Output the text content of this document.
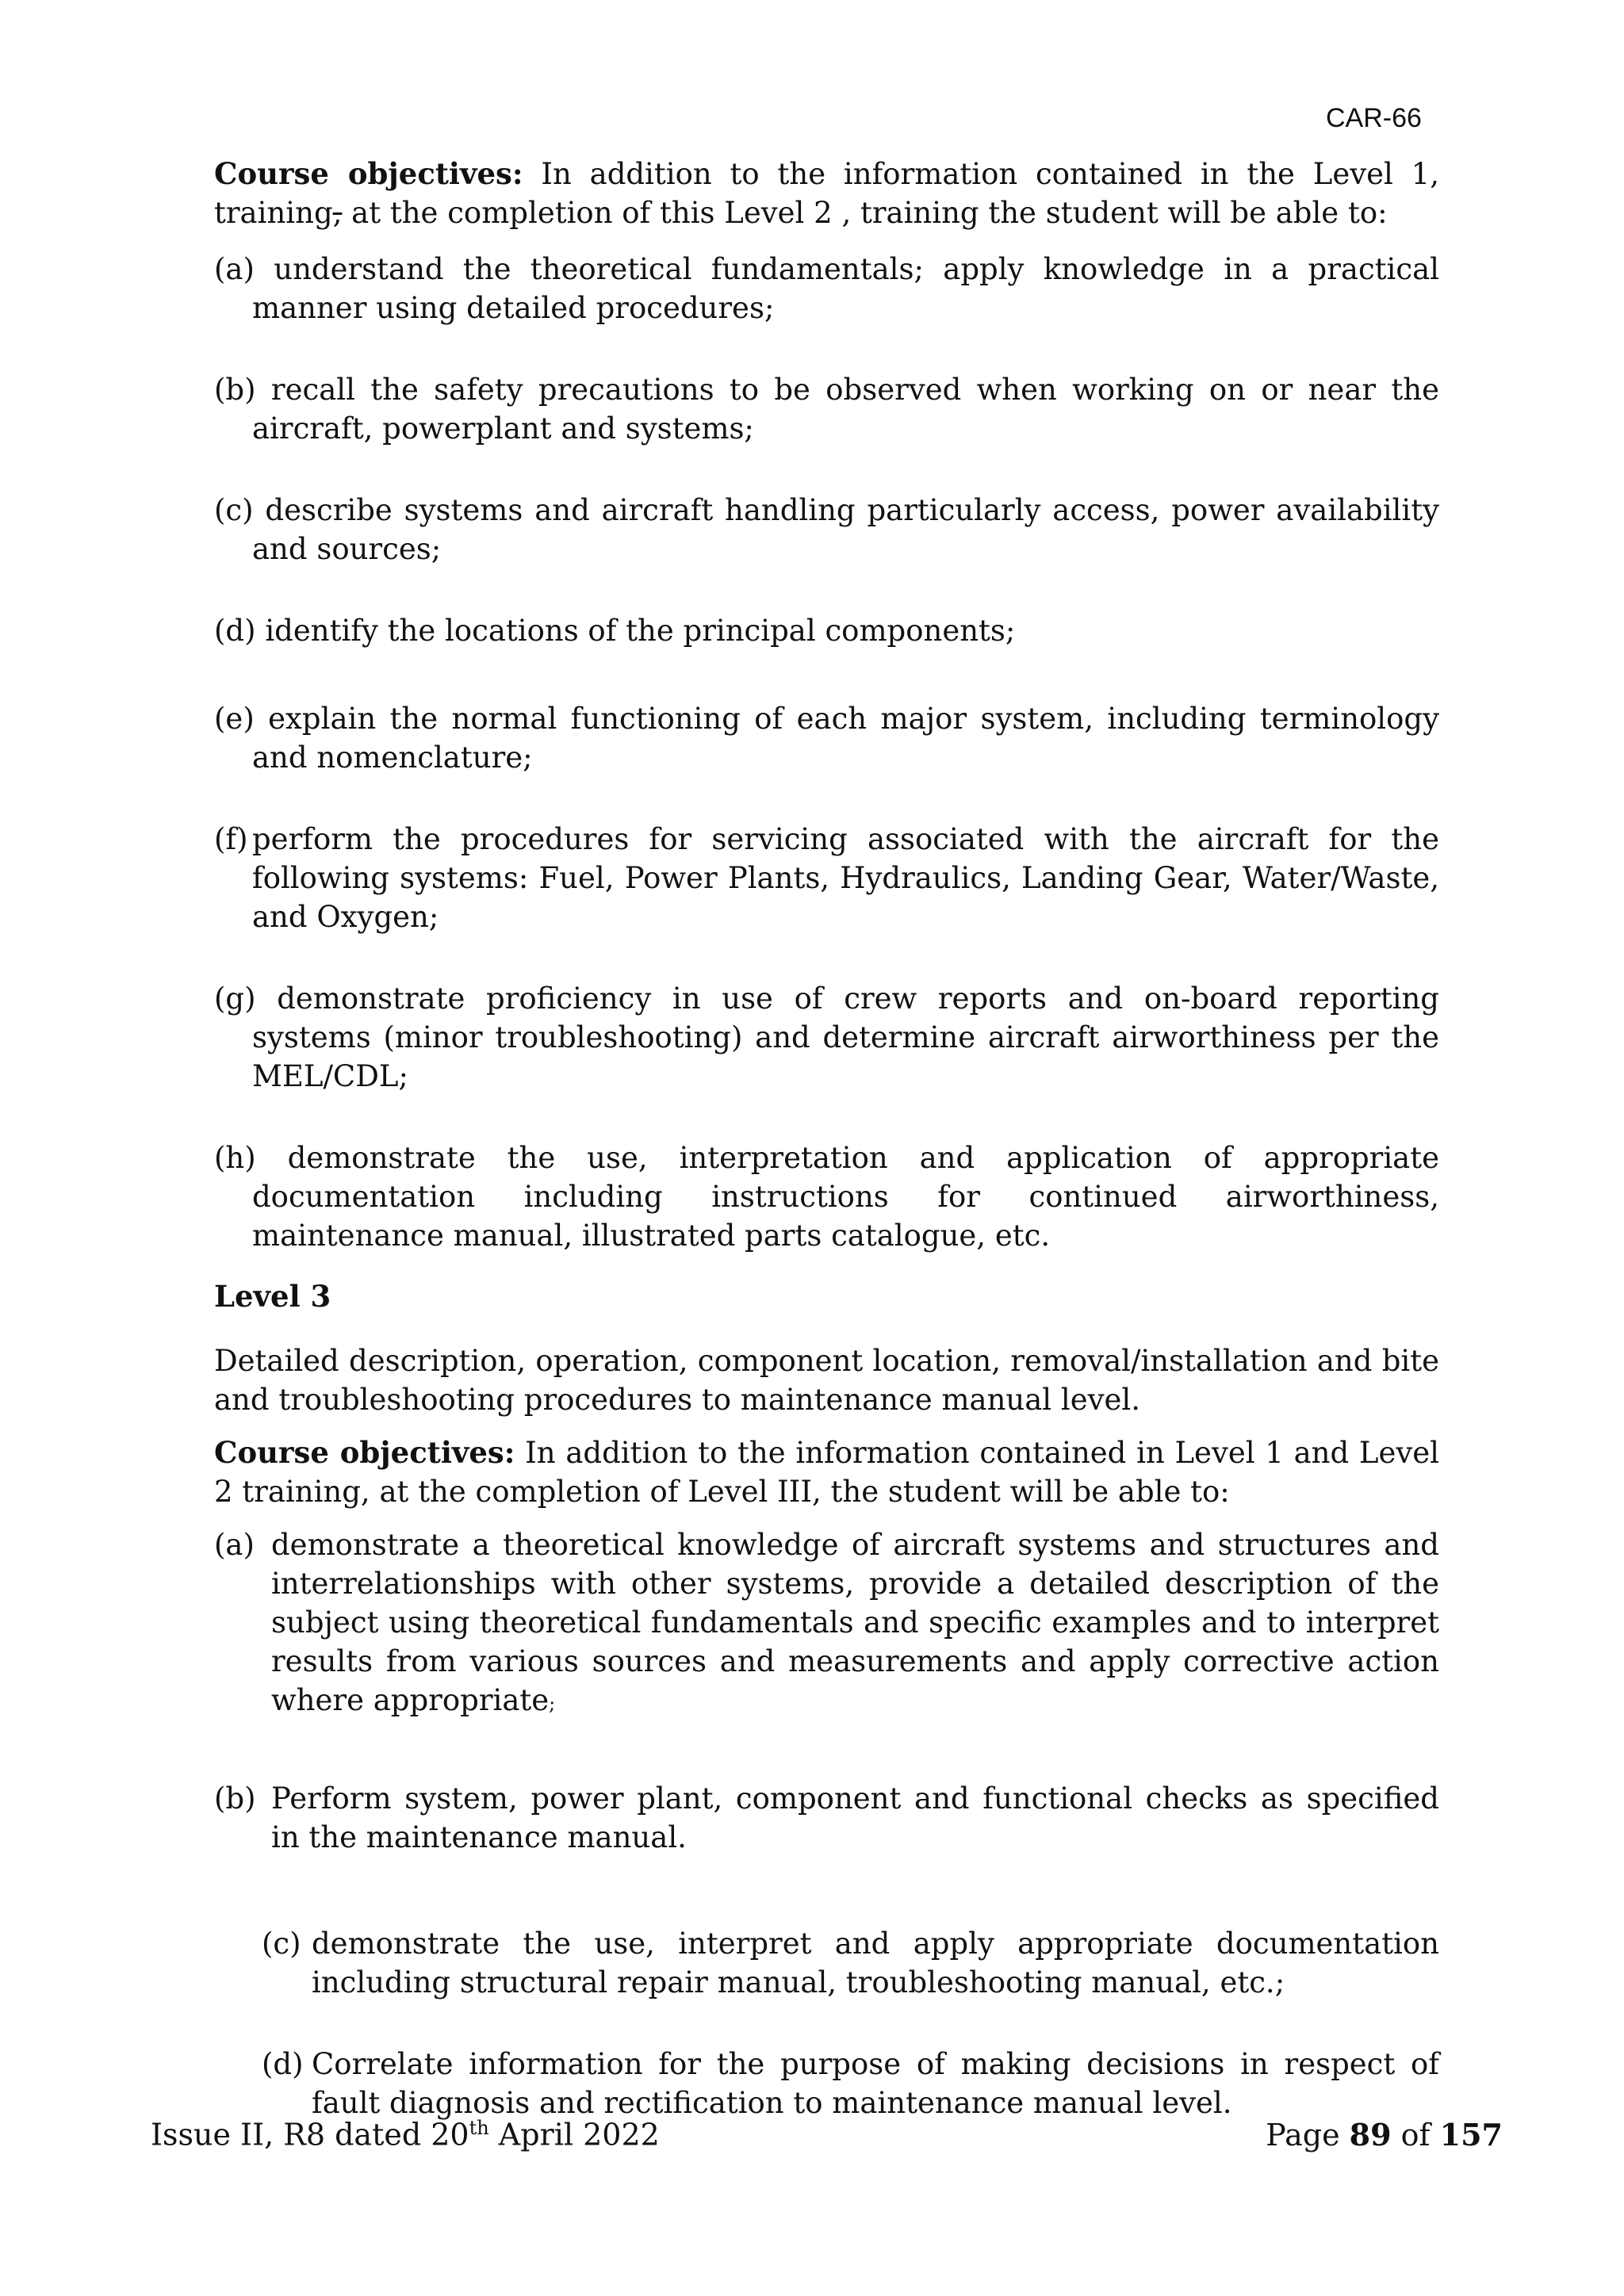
CAR-66

Course objectives: In addition to the information contained in the Level 1, training, at the completion of this Level 2 , training the student will be able to:

(a) understand the theoretical fundamentals; apply knowledge in a practical manner using detailed procedures;
(b) recall the safety precautions to be observed when working on or near the aircraft, powerplant and systems;
(c) describe systems and aircraft handling particularly access, power availability and sources;
(d) identify the locations of the principal components;
(e) explain the normal functioning of each major system, including terminology and nomenclature;
(f) perform the procedures for servicing associated with the aircraft for the following systems: Fuel, Power Plants, Hydraulics, Landing Gear, Water/Waste, and Oxygen;
(g) demonstrate proficiency in use of crew reports and on-board reporting systems (minor troubleshooting) and determine aircraft airworthiness per the MEL/CDL;
(h) demonstrate the use, interpretation and application of appropriate documentation including instructions for continued airworthiness, maintenance manual, illustrated parts catalogue, etc.

Level 3

Detailed description, operation, component location, removal/installation and bite and troubleshooting procedures to maintenance manual level.

Course objectives: In addition to the information contained in Level 1 and Level 2 training, at the completion of Level III, the student will be able to:

(a) demonstrate a theoretical knowledge of aircraft systems and structures and interrelationships with other systems, provide a detailed description of the subject using theoretical fundamentals and specific examples and to interpret results from various sources and measurements and apply corrective action where appropriate;
(b) Perform system, power plant, component and functional checks as specified in the maintenance manual.
(c) demonstrate the use, interpret and apply appropriate documentation including structural repair manual, troubleshooting manual, etc.;
(d) Correlate information for the purpose of making decisions in respect of fault diagnosis and rectification to maintenance manual level.
Issue II, R8 dated 20th April 2022	Page 89 of 157
